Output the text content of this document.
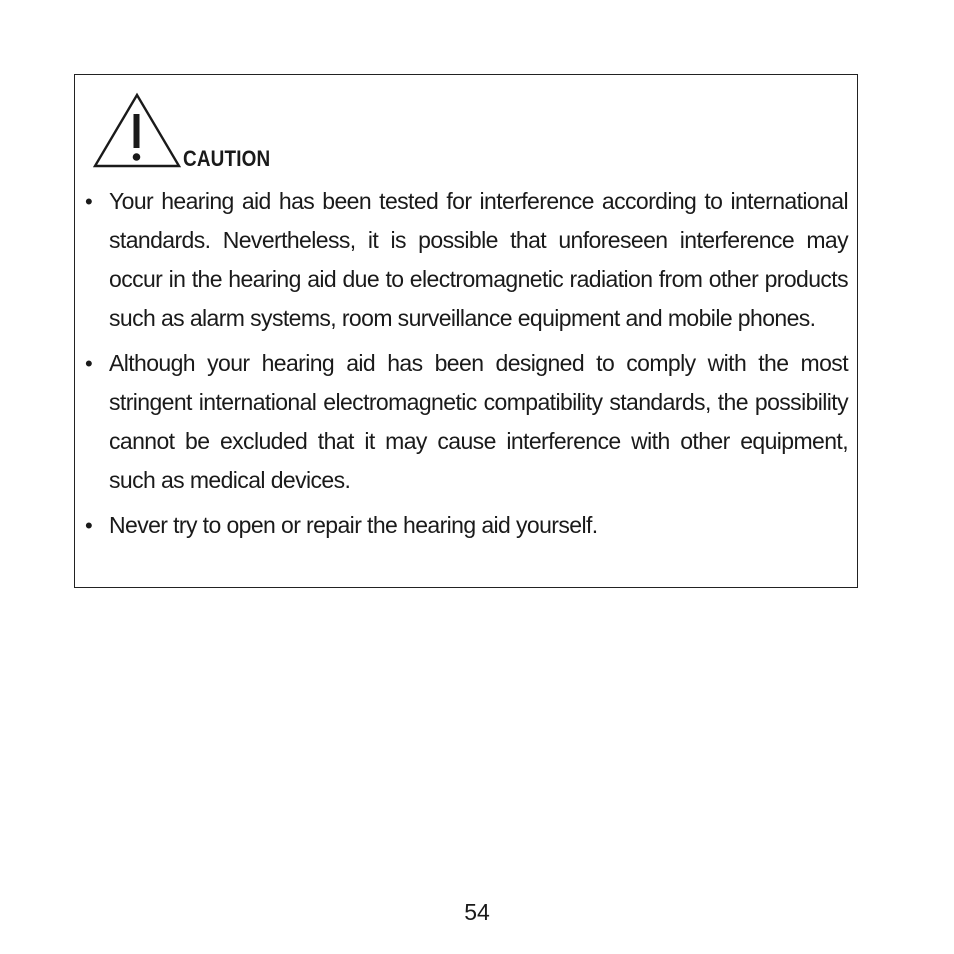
CAUTION
• Your hearing aid has been tested for interference according to international standards. Nevertheless, it is possible that unforeseen interference may occur in the hearing aid due to electromagnetic radiation from other products such as alarm systems, room surveillance equipment and mobile phones.
• Although your hearing aid has been designed to comply with the most stringent international electromagnetic compatibility standards, the possibility cannot be excluded that it may cause interference with other equipment, such as medical devices.
• Never try to open or repair the hearing aid yourself.
54
